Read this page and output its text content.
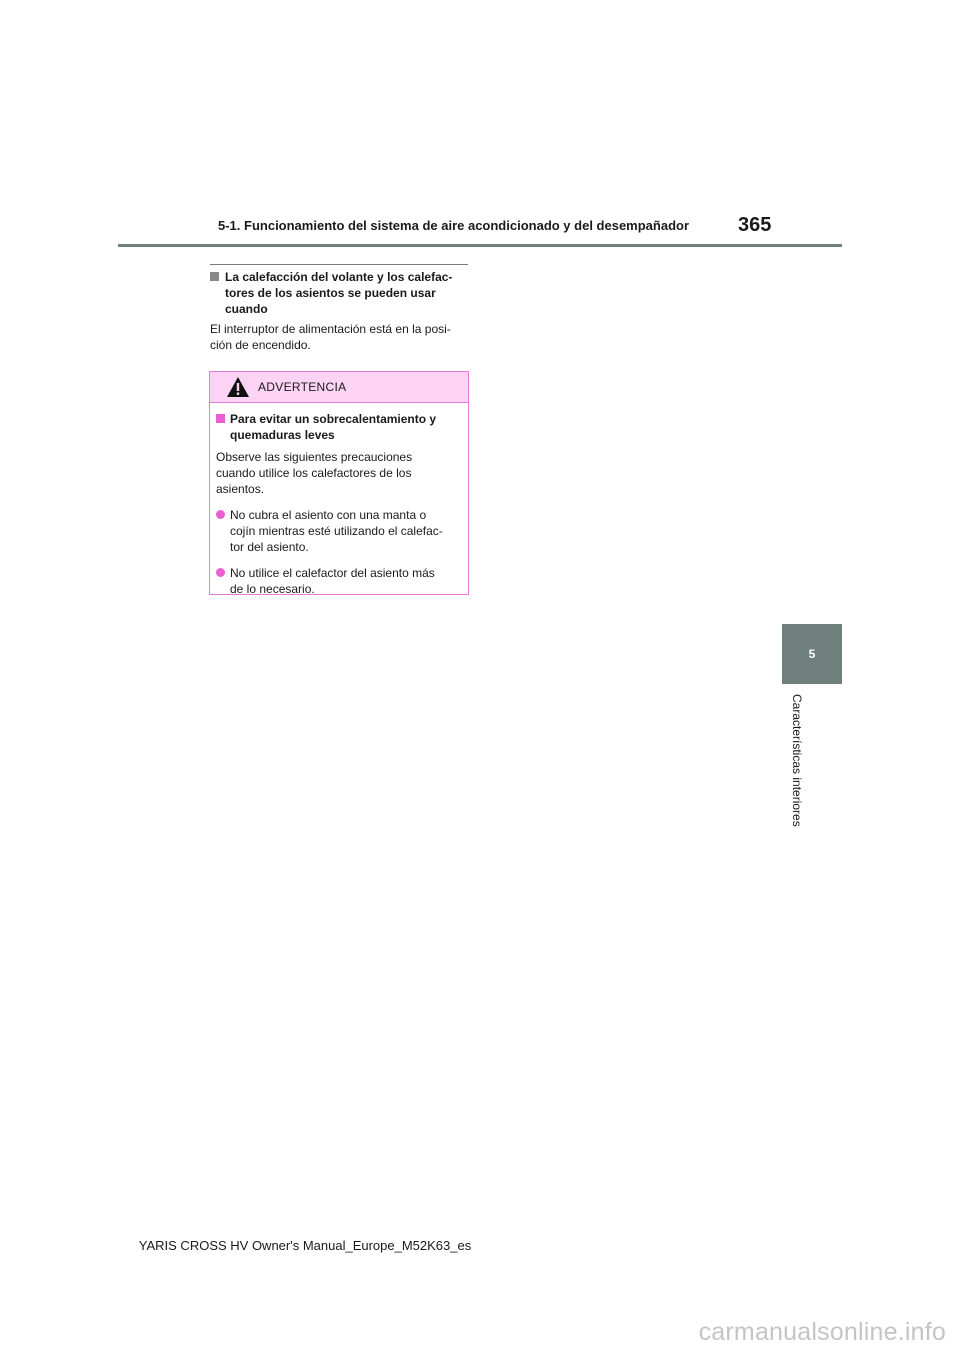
5-1. Funcionamiento del sistema de aire acondicionado y del desempañador 365
5
Características interiores
La calefacción del volante y los calefac-
tores de los asientos se pueden usar
cuando
El interruptor de alimentación está en la posi-
ción de encendido.
ADVERTENCIA
Para evitar un sobrecalentamiento y
quemaduras leves
Observe las siguientes precauciones
cuando utilice los calefactores de los
asientos.
No cubra el asiento con una manta o
cojín mientras esté utilizando el calefac-
tor del asiento.
No utilice el calefactor del asiento más
de lo necesario.
YARIS CROSS HV Owner's Manual_Europe_M52K63_es
carmanualsonline.info
